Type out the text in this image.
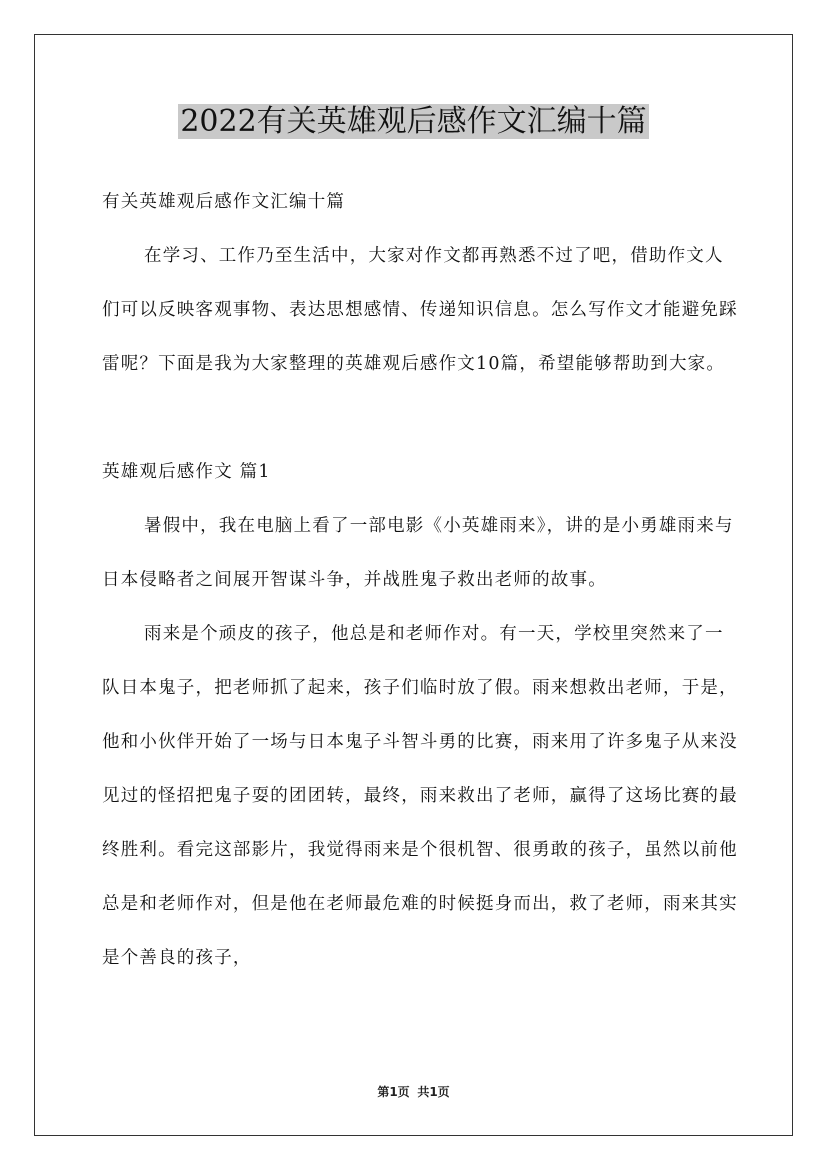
2022有关英雄观后感作文汇编十篇

有关英雄观后感作文汇编十篇

在学习、工作乃至生活中，大家对作文都再熟悉不过了吧，借助作文人们可以反映客观事物、表达思想感情、传递知识信息。怎么写作文才能避免踩雷呢？下面是我为大家整理的英雄观后感作文10篇，希望能够帮助到大家。

英雄观后感作文 篇1

暑假中，我在电脑上看了一部电影《小英雄雨来》，讲的是小勇雄雨来与日本侵略者之间展开智谋斗争，并战胜鬼子救出老师的故事。

雨来是个顽皮的孩子，他总是和老师作对。有一天，学校里突然来了一队日本鬼子，把老师抓了起来，孩子们临时放了假。雨来想救出老师，于是，他和小伙伴开始了一场与日本鬼子斗智斗勇的比赛，雨来用了许多鬼子从来没见过的怪招把鬼子耍的团团转，最终，雨来救出了老师，赢得了这场比赛的最终胜利。看完这部影片，我觉得雨来是个很机智、很勇敢的孩子，虽然以前他总是和老师作对，但是他在老师最危难的时候挺身而出，救了老师，雨来其实是个善良的孩子，

第1页 共1页
